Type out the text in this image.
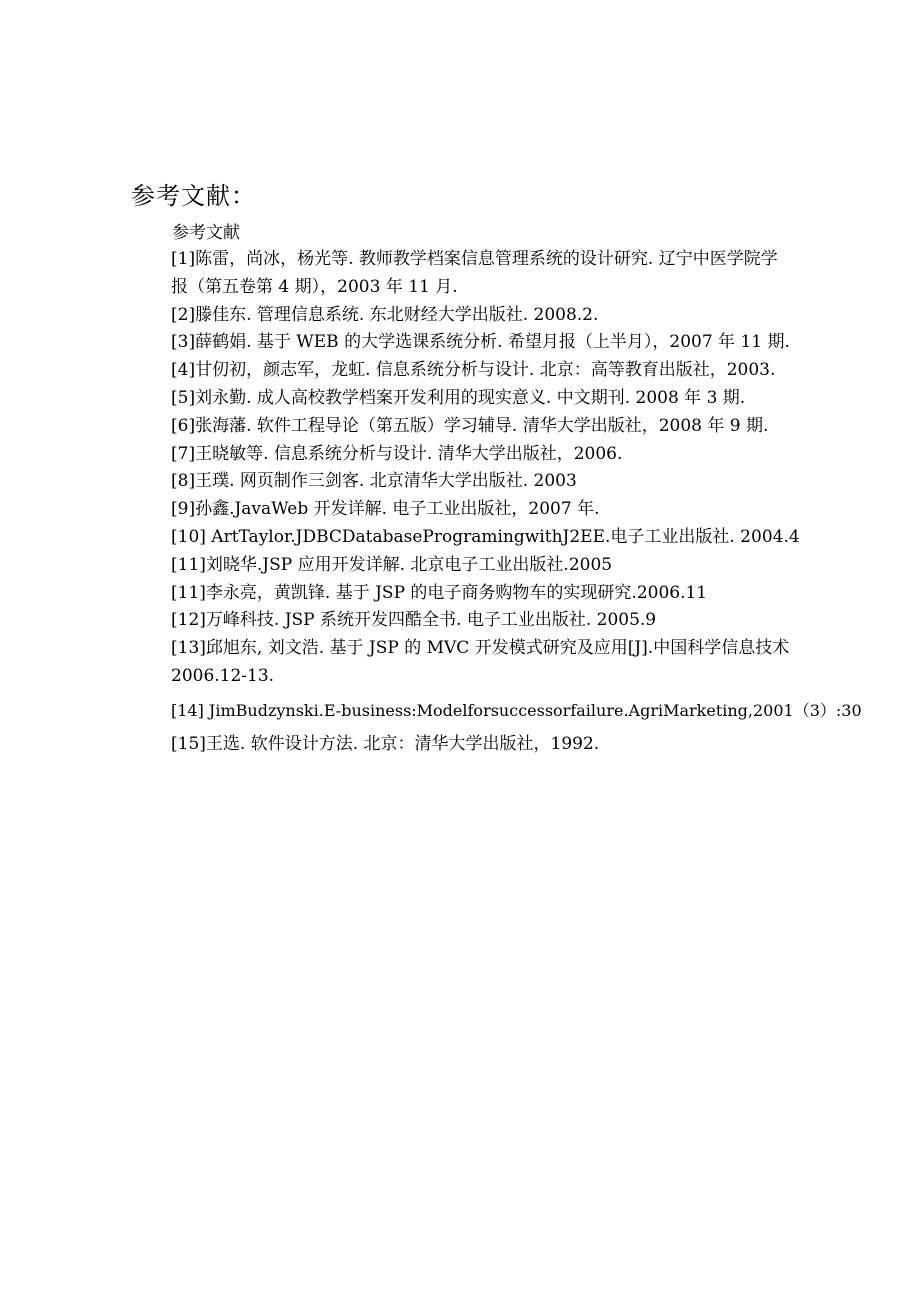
参考文献：
参考文献
[1]陈雷，尚冰，杨光等. 教师教学档案信息管理系统的设计研究. 辽宁中医学院学
报（第五卷第 4 期），2003 年 11 月.
[2]滕佳东. 管理信息系统. 东北财经大学出版社. 2008.2.
[3]薛鹤娟. 基于 WEB 的大学选课系统分析. 希望月报（上半月），2007 年 11 期.
[4]甘仞初，颜志军，龙虹. 信息系统分析与设计. 北京：高等教育出版社，2003.
[5]刘永勤. 成人高校教学档案开发利用的现实意义. 中文期刊. 2008 年 3 期.
[6]张海藩. 软件工程导论（第五版）学习辅导. 清华大学出版社，2008 年 9 期.
[7]王晓敏等. 信息系统分析与设计. 清华大学出版社，2006.
[8]王璞. 网页制作三剑客. 北京清华大学出版社. 2003
[9]孙鑫.JavaWeb 开发详解. 电子工业出版社，2007 年.
[10] ArtTaylor.JDBCDatabaseProgramingwithJ2EE.电子工业出版社. 2004.4
[11]刘晓华.JSP 应用开发详解. 北京电子工业出版社.2005
[11]李永亮，黄凯锋. 基于 JSP 的电子商务购物车的实现研究.2006.11
[12]万峰科技. JSP 系统开发四酷全书. 电子工业出版社. 2005.9
[13]邱旭东, 刘文浩. 基于 JSP 的 MVC 开发模式研究及应用[J].中国科学信息技术
2006.12-13.
[14] JimBudzynski.E-business:Modelforsuccessorfailure.AgriMarketing,2001（3）:30
[15]王选. 软件设计方法. 北京：清华大学出版社，1992.
